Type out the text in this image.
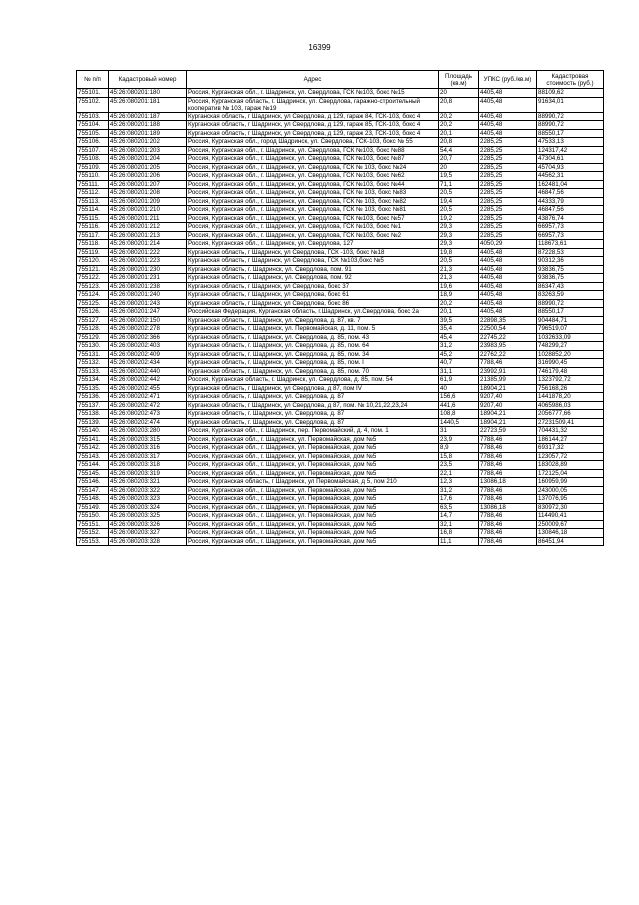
16399
№ п/п	Кадастровый номер	Адрес	Площадь (кв.м)	УПКС (руб./кв.м)	Кадастровая стоимость (руб.)
755101.	45:26:080201:180	Россия, Курганская обл., г. Шадринск, ул. Свердлова, ГСК №103, бокс №15	20	4405,48	88109,62
755102.	45:26:080201:181	Россия, Курганская область, г. Шадринск, ул. Свердлова, гаражно-строительный кооператив № 103, гараж №19	20,8	4405,48	91634,01
755103.	45:26:080201:187	Курганская область, г Шадринск, ул Свердлова, д 129, гараж 84, ГСК-103, бокс 4	20,2	4405,48	88990,72
755104.	45:26:080201:188	Курганская область, г Шадринск, ул Свердлова, д 129, гараж 85, ГСК-103, бокс 4	20,2	4405,48	88990,72
755105.	45:26:080201:189	Курганская область, г Шадринск, ул Свердлова, д 129, гараж 23, ГСК-103, бокс 4	20,1	4405,48	88550,17
755106.	45:26:080201:202	Россия, Курганская обл., город Шадринск, ул. Свердлова, ГСК-103, бокс № 55	20,8	2285,25	47533,13
755107.	45:26:080201:203	Россия, Курганская обл., г. Шадринск, ул. Свердлова, ГСК №103, бокс №88	54,4	2285,25	124317,42
755108.	45:26:080201:204	Россия, Курганская обл., г. Шадринск, ул. Свердлова, ГСК №103, бокс №87	20,7	2285,25	47304,61
755109.	45:26:080201:205	Россия, Курганская обл., г. Шадринск, ул. Свердлова, ГСК № 103, бокс №24	20	2285,25	45704,93
755110.	45:26:080201:206	Россия, Курганская обл., г. Шадринск, ул. Свердлова, ГСК №103, бокс №62	19,5	2285,25	44562,31
755111.	45:26:080201:207	Россия, Курганская обл., г. Шадринск, ул. Свердлова, ГСК №103, бокс №44	71,1	2285,25	162481,04
755112.	45:26:080201:208	Россия, Курганская обл., г. Шадринск, ул. Свердлова, ГСК № 103, бокс №83	20,5	2285,25	46847,56
755113.	45:26:080201:209	Россия, Курганская обл., г. Шадринск, ул. Свердлова, ГСК № 103, бокс №82	19,4	2285,25	44333,79
755114.	45:26:080201:210	Россия, Курганская обл., г. Шадринск, ул. Свердлова, ГСК № 103, бокс №81	20,5	2285,25	46847,56
755115.	45:26:080201:211	Россия, Курганская обл., г. Шадринск, ул. Свердлова, ГСК №103, бокс №57	19,2	2285,25	43876,74
755116.	45:26:080201:212	Россия, Курганская обл., г. Шадринск, ул. Свердлова, ГСК №103, бокс №1	29,3	2285,25	66957,73
755117.	45:26:080201:213	Россия, Курганская обл., г. Шадринск, ул. Свердлова, ГСК №103, бокс №2	29,3	2285,25	66957,73
755118.	45:26:080201:214	Россия, Курганская обл., г. Шадринск, ул. Свердлова, 127	29,3	4050,29	118673,61
755119.	45:26:080201:222	Курганская область, г Шадринск, ул Свердлова, ГСК -103, бокс №18	19,8	4405,48	87228,53
755120.	45:26:080201:223	Курганская область, г Шадринск, ул Свердлова, ГСК №103,бокс №5	20,5	4405,48	90312,36
755121.	45:26:080201:230	Курганская область, г. Шадринск, ул. Свердлова, пом. 91	21,3	4405,48	93836,75
755122.	45:26:080201:231	Курганская область, г. Шадринск, ул. Свердлова, пом. 92	21,3	4405,48	93836,75
755123.	45:26:080201:238	Курганская область, г Шадринск, ул Свердлова, бокс 37	19,6	4405,48	86347,43
755124.	45:26:080201:240	Курганская область, г Шадринск, ул Свердлова, бокс 61	18,9	4405,48	83263,59
755125.	45:26:080201:243	Курганская область, г Шадринск, ул Свердлова, бокс 86	20,2	4405,48	88990,72
755126.	45:26:080201:247	Российская Федерация, Курганская область, г.Шадринск, ул.Свердлова, бокс 2а	20,1	4405,48	88550,17
755127.	45:26:080202:150	Курганская область, г. Шадринск, ул. Свердлова, д. 87, кв. 7	39,5	22898,35	904484,71
755128.	45:26:080202:278	Курганская область, г. Шадринск, ул. Первомайская, д. 11, пом. 5	35,4	22500,54	796519,07
755129.	45:26:080202:366	Курганская область, г. Шадринск, ул. Свердлова, д. 85, пом. 43	45,4	22745,22	1032633,09
755130.	45:26:080202:403	Курганская область, г. Шадринск, ул. Свердлова, д. 85, пом. 64	31,2	23983,95	748299,27
755131.	45:26:080202:409	Курганская область, г. Шадринск, ул. Свердлова, д. 85, пом. 34	45,2	22762,22	1028852,20
755132.	45:26:080202:434	Курганская область, г. Шадринск, ул. Свердлова, д. 85, пом. I	40,7	7788,46	316990,45
755133.	45:26:080202:440	Курганская область, г. Шадринск, ул. Свердлова, д. 85, пом. 70	31,1	23992,91	746179,48
755134.	45:26:080202:442	Россия, Курганская область, г. Шадринск, ул. Свердлова, д. 85, пом. 54	61,9	21385,99	1323792,72
755135.	45:26:080202:455	Курганская область, г Шадринск, ул Свердлова, д 87, пом IV	40	18904,21	756168,26
755136.	45:26:080202:471	Курганская область, г. Шадринск, ул. Свердлова, д. 87	156,6	9207,40	1441878,20
755137.	45:26:080202:472	Курганская область, г Шадринск, ул Свердлова, д 87, пом. № 10,21,22,23,24	441,6	9207,40	4065986,03
755138.	45:26:080202:473	Курганская область, г. Шадринск, ул. Свердлова, д. 87	108,8	18904,21	2056777,66
755139.	45:26:080202:474	Курганская область, г. Шадринск, ул. Свердлова, д. 87	1440,5	18904,21	27231509,41
755140.	45:26:080203:280	Россия, Курганская обл., г. Шадринск, пер. Первомайский, д. 4, пом. 1	31	22723,59	704431,32
755141.	45:26:080203:315	Россия, Курганская обл., г. Шадринск, ул. Первомайская, дом №5	23,9	7788,46	186144,27
755142.	45:26:080203:316	Россия, Курганская обл., г. Шадринск, ул. Первомайская, дом №5	8,9	7788,46	69317,32
755143.	45:26:080203:317	Россия, Курганская обл., г. Шадринск, ул. Первомайская, дом №5	15,8	7788,46	123057,72
755144.	45:26:080203:318	Россия, Курганская обл., г. Шадринск, ул. Первомайская, дом №5	23,5	7788,46	183028,89
755145.	45:26:080203:319	Россия, Курганская обл., г. Шадринск, ул. Первомайская, дом №5	22,1	7788,46	172125,04
755146.	45:26:080203:321	Россия, Курганская область, г Шадринск, ул Первомайская, д 5, пом 210	12,3	13086,18	160959,99
755147.	45:26:080203:322	Россия, Курганская обл., г. Шадринск, ул. Первомайская, дом №5	31,2	7788,46	243000,05
755148.	45:26:080203:323	Россия, Курганская обл., г. Шадринск, ул. Первомайская, дом №5	17,6	7788,46	137076,95
755149.	45:26:080203:324	Россия, Курганская обл., г. Шадринск, ул. Первомайская, дом №5	63,5	13086,18	830972,30
755150.	45:26:080203:325	Россия, Курганская обл., г. Шадринск, ул. Первомайская, дом №5	14,7	7788,46	114490,41
755151.	45:26:080203:326	Россия, Курганская обл., г. Шадринск, ул. Первомайская, дом №5	32,1	7788,46	250009,67
755152.	45:26:080203:327	Россия, Курганская обл., г. Шадринск, ул. Первомайская, дом №5	16,8	7788,46	130846,18
755153.	45:26:080203:328	Россия, Курганская обл., г. Шадринск, ул. Первомайская, дом №5	11,1	7788,46	86451,94
